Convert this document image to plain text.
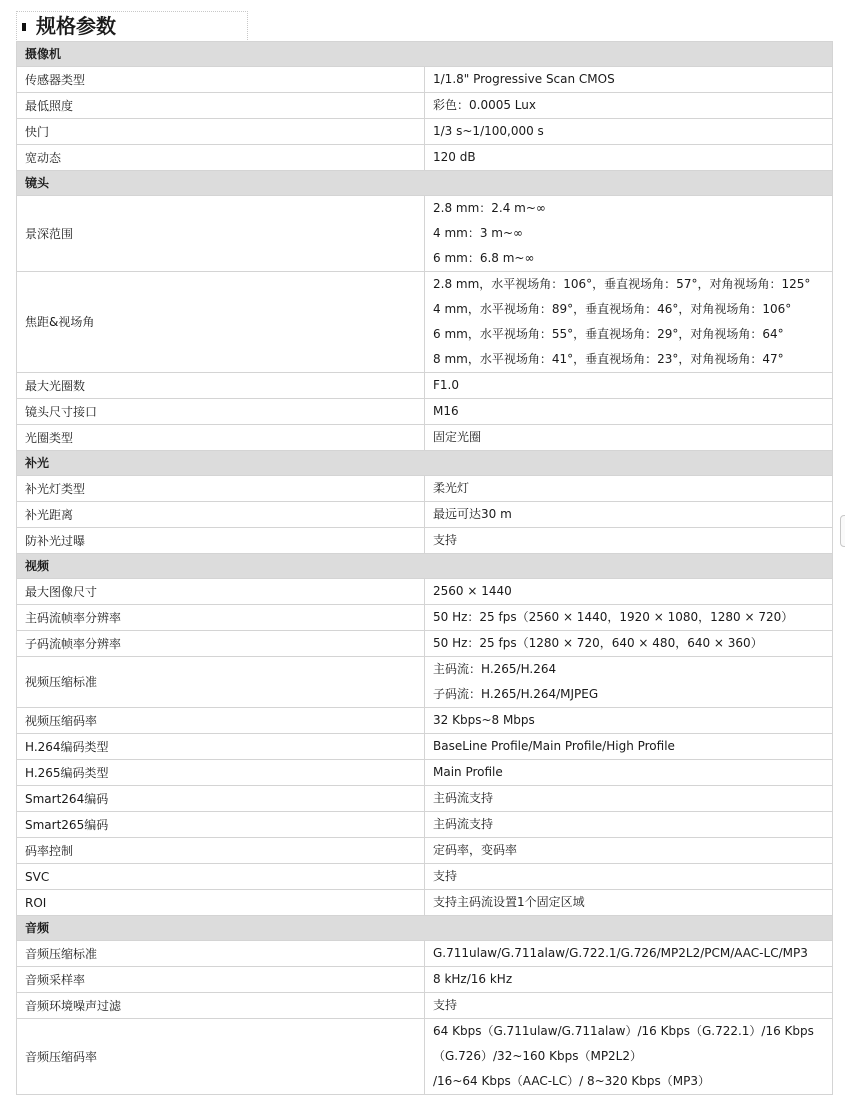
规格参数
摄像机	
传感器类型	1/1.8" Progressive Scan CMOS

最低照度	彩色：0.0005 Lux

快门	1/3 s~1/100,000 s

宽动态	120 dB

镜头	
景深范围	2.8 mm：2.4 m~∞
4 mm：3 m~∞
6 mm：6.8 m~∞

焦距&视场角	2.8 mm，水平视场角：106°，垂直视场角：57°，对角视场角：125°
4 mm，水平视场角：89°，垂直视场角：46°，对角视场角：106°
6 mm，水平视场角：55°，垂直视场角：29°，对角视场角：64°
8 mm，水平视场角：41°，垂直视场角：23°，对角视场角：47°

最大光圈数	F1.0

镜头尺寸接口	M16

光圈类型	固定光圈

补光	
补光灯类型	柔光灯

补光距离	最远可达30 m

防补光过曝	支持

视频	
最大图像尺寸	2560 × 1440

主码流帧率分辨率	50 Hz：25 fps（2560 × 1440，1920 × 1080，1280 × 720）

子码流帧率分辨率	50 Hz：25 fps（1280 × 720，640 × 480，640 × 360）

视频压缩标准	主码流：H.265/H.264
子码流：H.265/H.264/MJPEG

视频压缩码率	32 Kbps~8 Mbps

H.264编码类型	BaseLine Profile/Main Profile/High Profile

H.265编码类型	Main Profile

Smart264编码	主码流支持

Smart265编码	主码流支持

码率控制	定码率，变码率

SVC	支持

ROI	支持主码流设置1个固定区域

音频	
音频压缩标准	G.711ulaw/G.711alaw/G.722.1/G.726/MP2L2/PCM/AAC-LC/MP3

音频采样率	8 kHz/16 kHz

音频环境噪声过滤	支持

音频压缩码率	64 Kbps（G.711ulaw/G.711alaw）/16 Kbps（G.722.1）/16 Kbps（G.726）/32~160 Kbps（MP2L2）
/16~64 Kbps（AAC-LC）/ 8~320 Kbps（MP3）
